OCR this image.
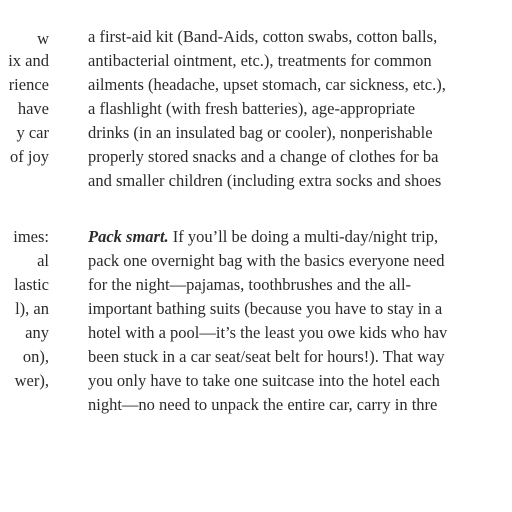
w
ix and
rience
have
y car
of joy
imes:
al
lastic
l), an
any
on),
wer),
a first-aid kit (Band-Aids, cotton swabs, cotton balls,
antibacterial ointment, etc.), treatments for common
ailments (headache, upset stomach, car sickness, etc.),
a flashlight (with fresh batteries), age-appropriate
drinks (in an insulated bag or cooler), nonperishable
properly stored snacks and a change of clothes for ba
and smaller children (including extra socks and shoes
Pack smart. If you’ll be doing a multi-day/night trip,
pack one overnight bag with the basics everyone need
for the night—pajamas, toothbrushes and the all-
important bathing suits (because you have to stay in a
hotel with a pool—it’s the least you owe kids who hav
been stuck in a car seat/seat belt for hours!). That way
you only have to take one suitcase into the hotel each
night—no need to unpack the entire car, carry in thre
